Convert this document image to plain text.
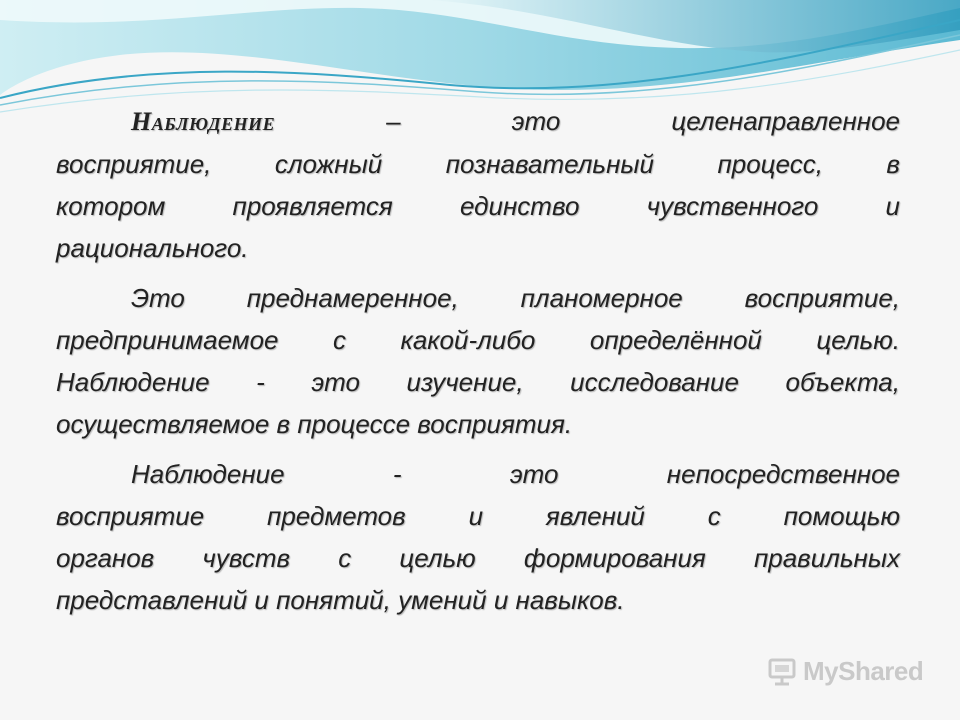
Наблюдение	–	это	целенаправленное
восприятие, сложный познавательный процесс, в
котором проявляется единство чувственного и
рационального.
Это преднамеренное, планомерное восприятие,
предпринимаемое с какой-либо определённой целью.
Наблюдение - это изучение, исследование объекта,
осуществляемое в процессе восприятия.
Наблюдение	-	это	непосредственное
восприятие предметов и явлений с помощью
органов чувств с целью формирования правильных
представлений и понятий, умений и навыков.
MyShared
